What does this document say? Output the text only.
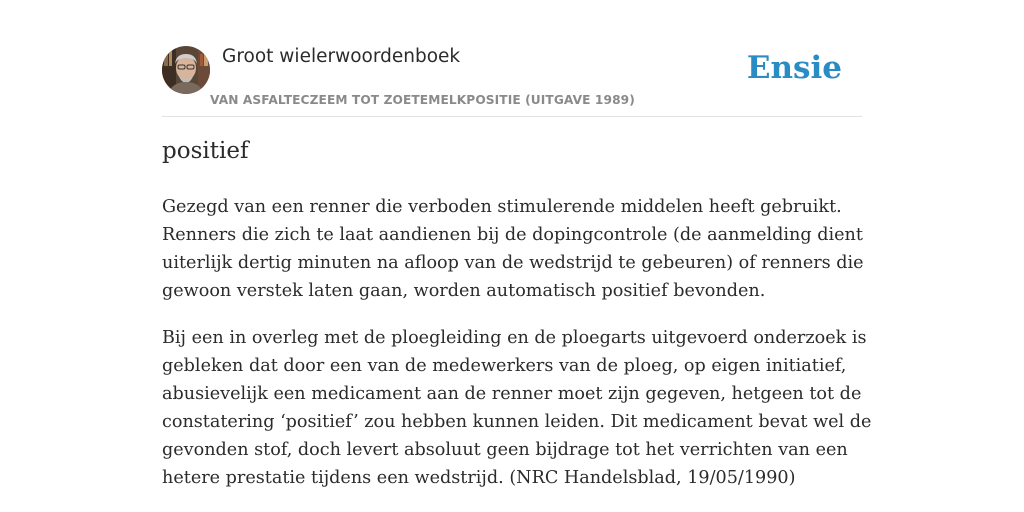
Groot wielerwoordenboek
VAN ASFALTECZEEM TOT ZOETEMELKPOSITIE (UITGAVE 1989)
Ensie
positief

Gezegd van een renner die verboden stimulerende middelen heeft gebruikt.
Renners die zich te laat aandienen bij de dopingcontrole (de aanmelding dient
uiterlijk dertig minuten na afloop van de wedstrijd te gebeuren) of renners die
gewoon verstek laten gaan, worden automatisch positief bevonden.

Bij een in overleg met de ploegleiding en de ploegarts uitgevoerd onderzoek is
gebleken dat door een van de medewerkers van de ploeg, op eigen initiatief,
abusievelijk een medicament aan de renner moet zijn gegeven, hetgeen tot de
constatering ‘positief’ zou hebben kunnen leiden. Dit medicament bevat wel de
gevonden stof, doch levert absoluut geen bijdrage tot het verrichten van een
hetere prestatie tijdens een wedstrijd. (NRC Handelsblad, 19/05/1990)
